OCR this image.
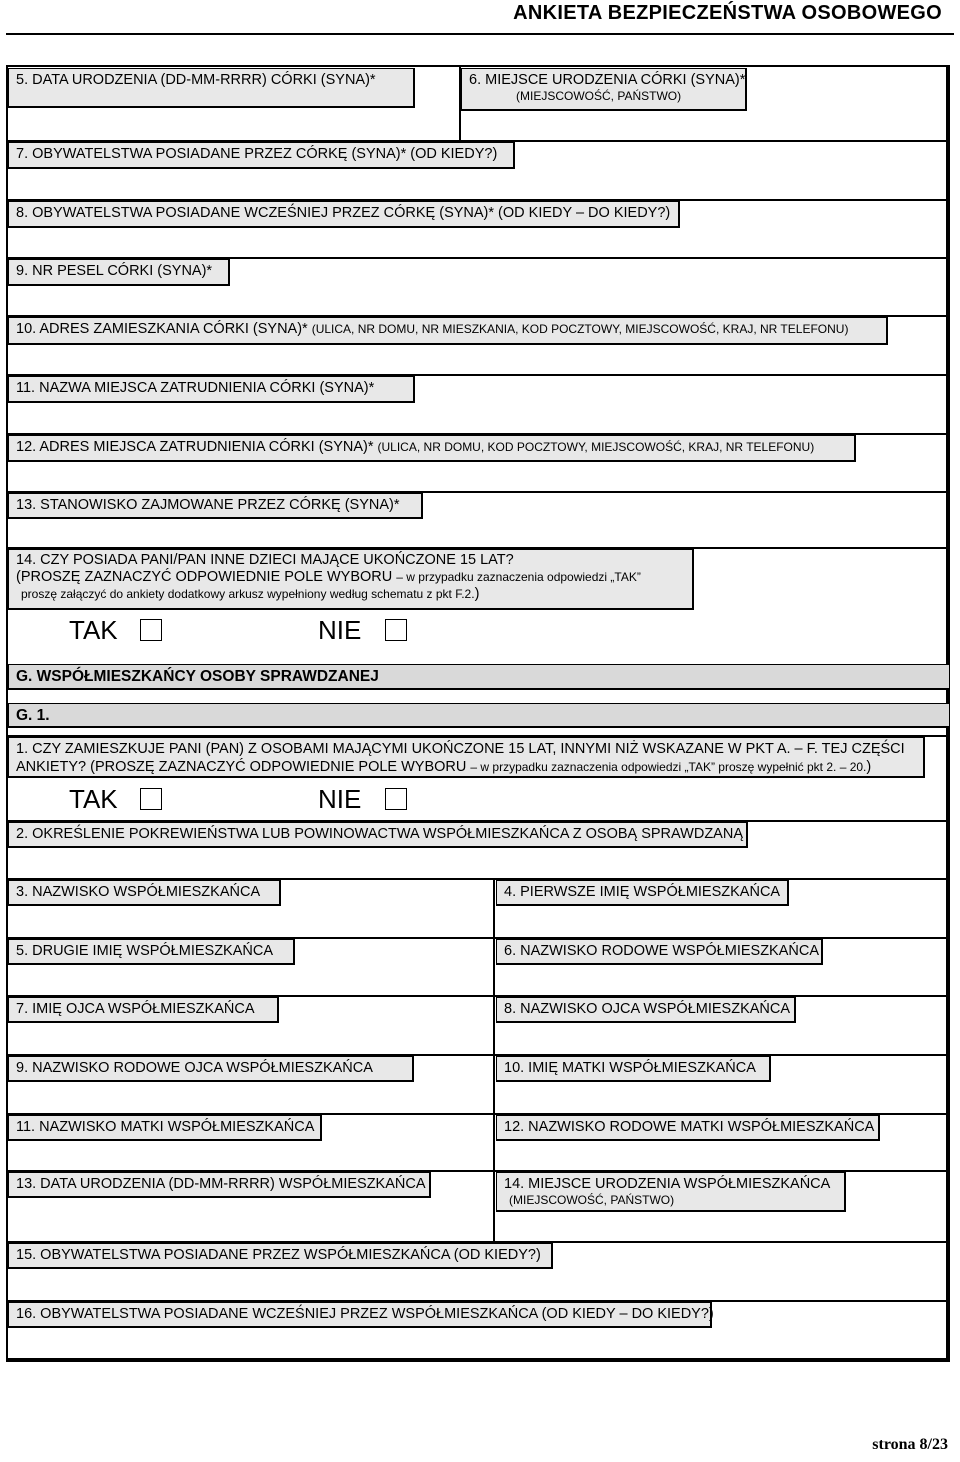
ANKIETA BEZPIECZEŃSTWA OSOBOWEGO
5. DATA URODZENIA (DD-MM-RRRR) CÓRKI (SYNA)*	6. MIEJSCE URODZENIA CÓRKI (SYNA)*
(MIEJSCOWOŚĆ, PAŃSTWO)
7. OBYWATELSTWA POSIADANE PRZEZ CÓRKĘ (SYNA)* (OD KIEDY?)
8. OBYWATELSTWA POSIADANE WCZEŚNIEJ PRZEZ CÓRKĘ (SYNA)* (OD KIEDY – DO KIEDY?)
9. NR PESEL CÓRKI (SYNA)*
10. ADRES ZAMIESZKANIA CÓRKI (SYNA)* (ULICA, NR DOMU, NR MIESZKANIA, KOD POCZTOWY, MIEJSCOWOŚĆ, KRAJ, NR TELEFONU)
11. NAZWA MIEJSCA ZATRUDNIENIA CÓRKI (SYNA)*
12. ADRES MIEJSCA ZATRUDNIENIA CÓRKI (SYNA)* (ULICA, NR DOMU, KOD POCZTOWY, MIEJSCOWOŚĆ, KRAJ, NR TELEFONU)
13. STANOWISKO ZAJMOWANE PRZEZ CÓRKĘ (SYNA)*
14. CZY POSIADA PANI/PAN INNE DZIECI MAJĄCE UKOŃCZONE 15 LAT?
(PROSZĘ ZAZNACZYĆ ODPOWIEDNIE POLE WYBORU – w przypadku zaznaczenia odpowiedzi „TAK”
proszę załączyć do ankiety dodatkowy arkusz wypełniony według schematu z pkt F.2.)
TAK	NIE
G. WSPÓŁMIESZKAŃCY OSOBY SPRAWDZANEJ
G. 1.
1. CZY ZAMIESZKUJE PANI (PAN) Z OSOBAMI MAJĄCYMI UKOŃCZONE 15 LAT, INNYMI NIŻ WSKAZANE W PKT A. – F. TEJ CZĘŚCI
ANKIETY? (PROSZĘ ZAZNACZYĆ ODPOWIEDNIE POLE WYBORU – w przypadku zaznaczenia odpowiedzi „TAK” proszę wypełnić pkt 2. – 20.)
TAK	NIE
2. OKREŚLENIE POKREWIEŃSTWA LUB POWINOWACTWA WSPÓŁMIESZKAŃCA Z OSOBĄ SPRAWDZANĄ
3. NAZWISKO WSPÓŁMIESZKAŃCA	4. PIERWSZE IMIĘ WSPÓŁMIESZKAŃCA
5. DRUGIE IMIĘ WSPÓŁMIESZKAŃCA	6. NAZWISKO RODOWE WSPÓŁMIESZKAŃCA
7. IMIĘ OJCA WSPÓŁMIESZKAŃCA	8. NAZWISKO OJCA WSPÓŁMIESZKAŃCA
9. NAZWISKO RODOWE OJCA WSPÓŁMIESZKAŃCA	10. IMIĘ MATKI WSPÓŁMIESZKAŃCA
11. NAZWISKO MATKI WSPÓŁMIESZKAŃCA	12. NAZWISKO RODOWE MATKI WSPÓŁMIESZKAŃCA
13. DATA URODZENIA (DD-MM-RRRR) WSPÓŁMIESZKAŃCA	14. MIEJSCE URODZENIA WSPÓŁMIESZKAŃCA
(MIEJSCOWOŚĆ, PAŃSTWO)
15. OBYWATELSTWA POSIADANE PRZEZ WSPÓŁMIESZKAŃCA (OD KIEDY?)
16. OBYWATELSTWA POSIADANE WCZEŚNIEJ PRZEZ WSPÓŁMIESZKAŃCA (OD KIEDY – DO KIEDY?)
strona 8/23
